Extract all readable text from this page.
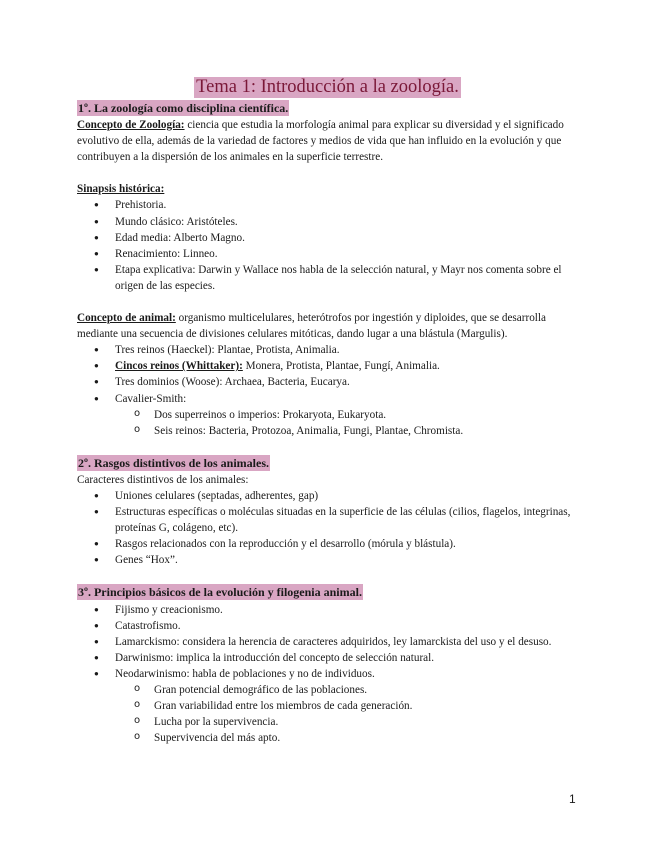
Tema 1: Introducción a la zoología.
1º. La zoología como disciplina científica.

Concepto de Zoología: ciencia que estudia la morfología animal para explicar su diversidad y el significado evolutivo de ella, además de la variedad de factores y medios de vida que han influido en la evolución y que contribuyen a la dispersión de los animales en la superficie terrestre.

Sinapsis histórica:
● Prehistoria.
● Mundo clásico: Aristóteles.
● Edad media: Alberto Magno.
● Renacimiento: Linneo.
● Etapa explicativa: Darwin y Wallace nos habla de la selección natural, y Mayr nos comenta sobre el origen de las especies.

Concepto de animal: organismo multicelulares, heterótrofos por ingestión y diploides, que se desarrolla mediante una secuencia de divisiones celulares mitóticas, dando lugar a una blástula (Margulis).

● Tres reinos (Haeckel): Plantae, Protista, Animalia.
● Cincos reinos (Whittaker): Monera, Protista, Plantae, Fungí, Animalia.
● Tres dominios (Woose): Archaea, Bacteria, Eucarya.
● Cavalier-Smith:
o Dos superreinos o imperios: Prokaryota, Eukaryota.
o Seis reinos: Bacteria, Protozoa, Animalia, Fungi, Plantae, Chromista.
2º. Rasgos distintivos de los animales.

Caracteres distintivos de los animales:

● Uniones celulares (septadas, adherentes, gap)
● Estructuras específicas o moléculas situadas en la superficie de las células (cilios, flagelos, integrinas, proteínas G, colágeno, etc).
● Rasgos relacionados con la reproducción y el desarrollo (mórula y blástula).
● Genes “Hox”.
3º. Principios básicos de la evolución y filogenia animal.
● Fijismo y creacionismo.
● Catastrofismo.
● Lamarckismo: considera la herencia de caracteres adquiridos, ley lamarckista del uso y el desuso.
● Darwinismo: implica la introducción del concepto de selección natural.
● Neodarwinismo: habla de poblaciones y no de individuos.
o Gran potencial demográfico de las poblaciones.
o Gran variabilidad entre los miembros de cada generación.
o Lucha por la supervivencia.
o Supervivencia del más apto.
1
